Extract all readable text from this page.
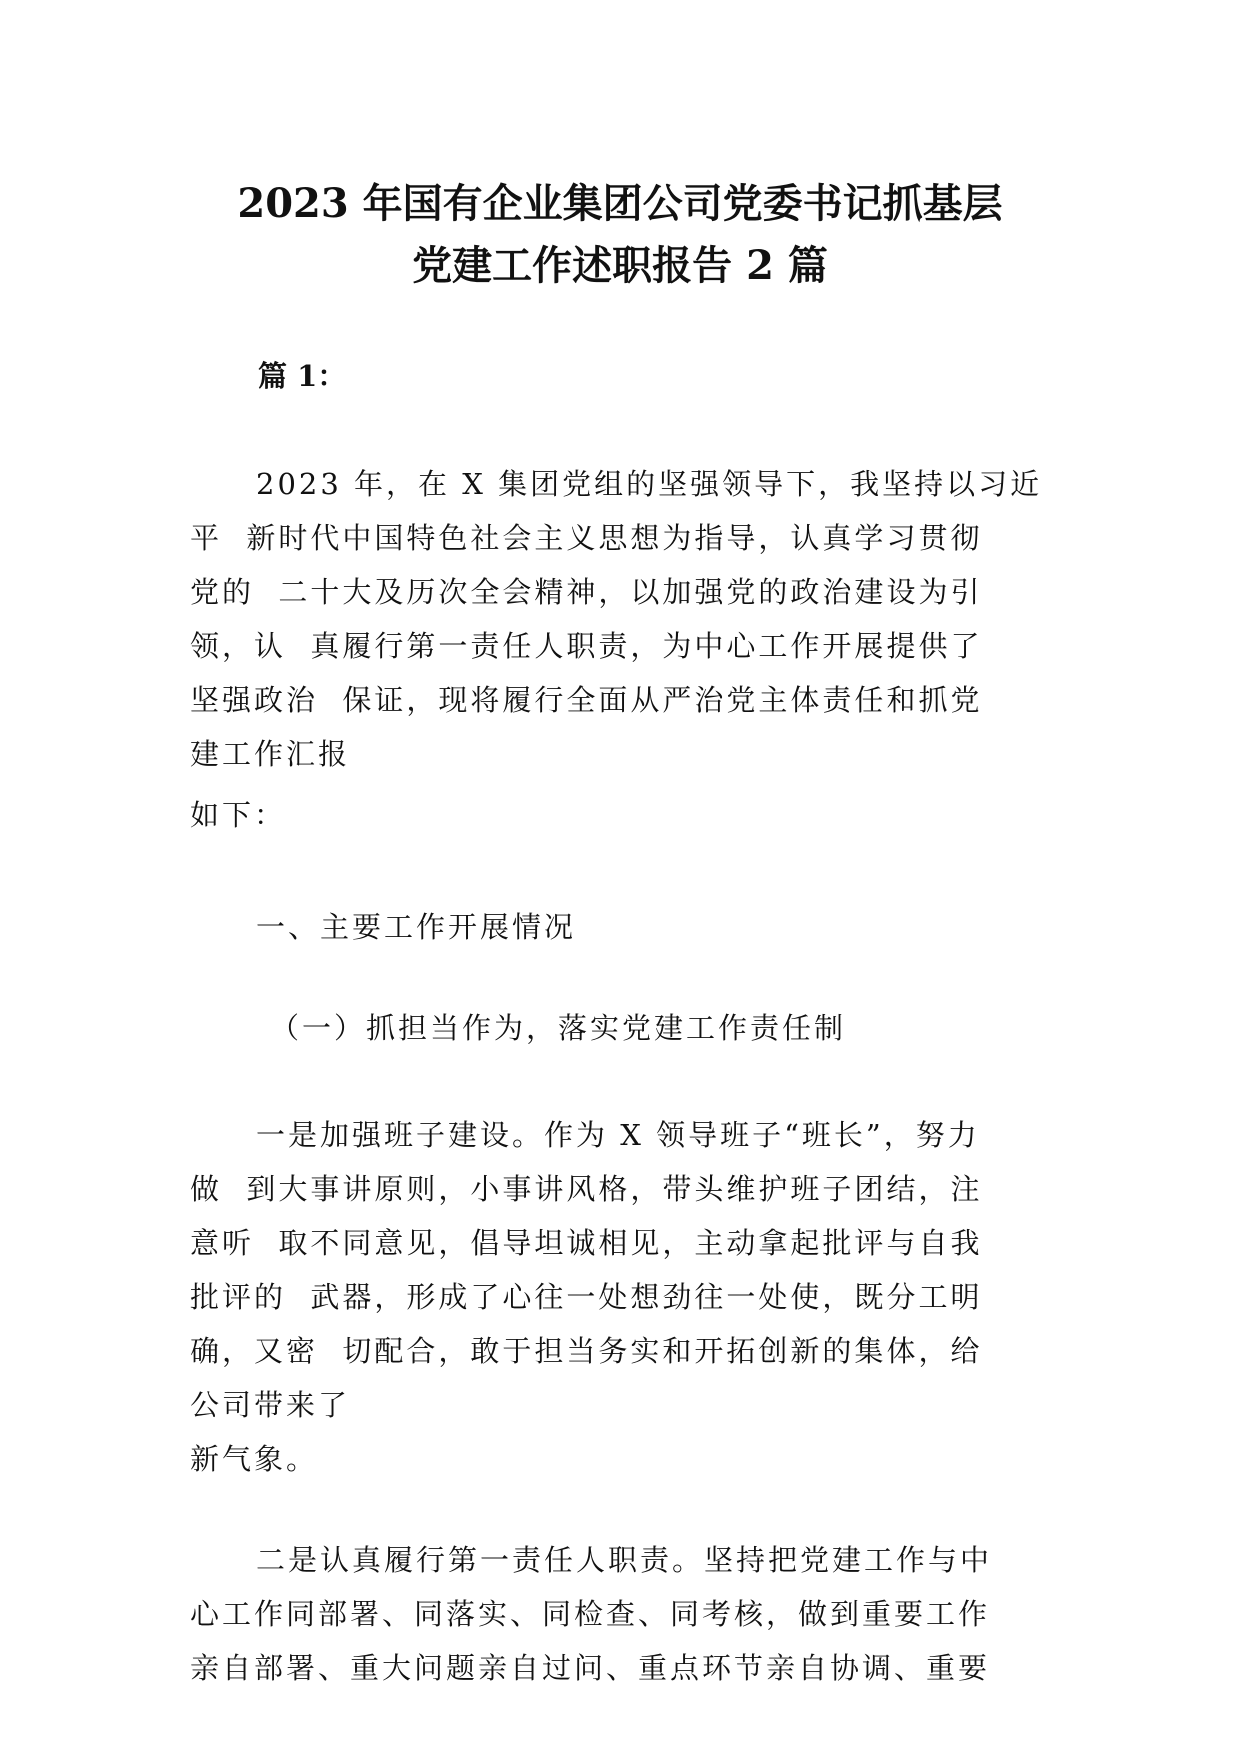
2023 年国有企业集团公司党委书记抓基层
党建工作述职报告 2 篇

篇 1：

2023 年，在 X 集团党组的坚强领导下，我坚持以习近
平  新时代中国特色社会主义思想为指导，认真学习贯彻
党的  二十大及历次全会精神，以加强党的政治建设为引
领，认  真履行第一责任人职责，为中心工作开展提供了
坚强政治  保证，现将履行全面从严治党主体责任和抓党
建工作汇报

如下：

一、主要工作开展情况

（一）抓担当作为，落实党建工作责任制

一是加强班子建设。作为 X 领导班子“班长”，努力
做  到大事讲原则，小事讲风格，带头维护班子团结，注
意听  取不同意见，倡导坦诚相见，主动拿起批评与自我
批评的  武器，形成了心往一处想劲往一处使，既分工明
确，又密  切配合，敢于担当务实和开拓创新的集体，给
公司带来了

新气象。

二是认真履行第一责任人职责。坚持把党建工作与中
心工作同部署、同落实、同检查、同考核，做到重要工作
亲自部署、重大问题亲自过问、重点环节亲自协调、重要
